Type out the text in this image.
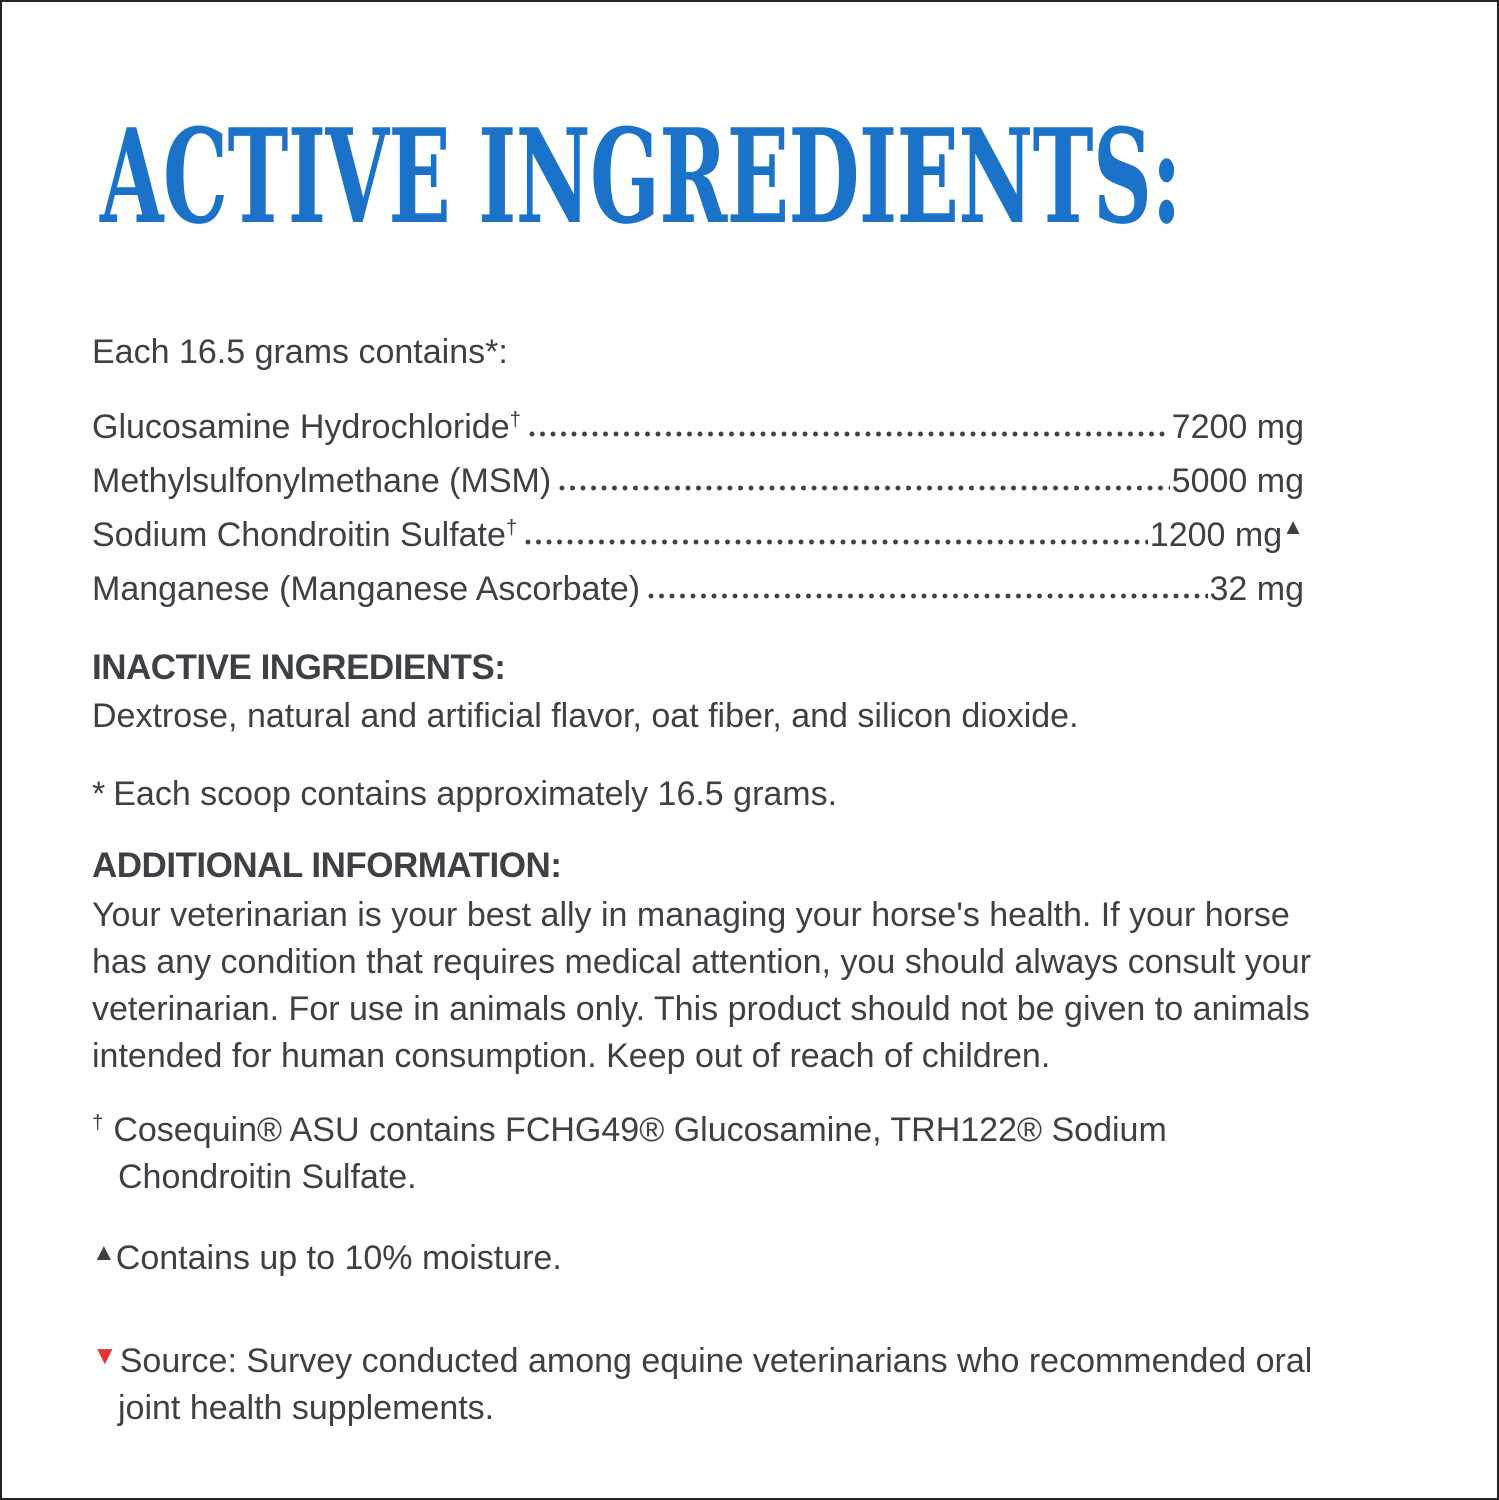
ACTIVE INGREDIENTS:

Each 16.5 grams contains*:

Glucosamine Hydrochloride†	7200 mg
Methylsulfonylmethane (MSM)	5000 mg
Sodium Chondroitin Sulfate†	1200 mg▲
Manganese (Manganese Ascorbate)	32 mg
INACTIVE INGREDIENTS:

Dextrose, natural and artificial flavor, oat fiber, and silicon dioxide.

* Each scoop contains approximately 16.5 grams.

ADDITIONAL INFORMATION:

Your veterinarian is your best ally in managing your horse's health. If your horse has any condition that requires medical attention, you should always consult your veterinarian. For use in animals only. This product should not be given to animals intended for human consumption. Keep out of reach of children.

† Cosequin® ASU contains FCHG49® Glucosamine, TRH122® Sodium Chondroitin Sulfate.

▲Contains up to 10% moisture.

▼Source: Survey conducted among equine veterinarians who recommended oral joint health supplements.
